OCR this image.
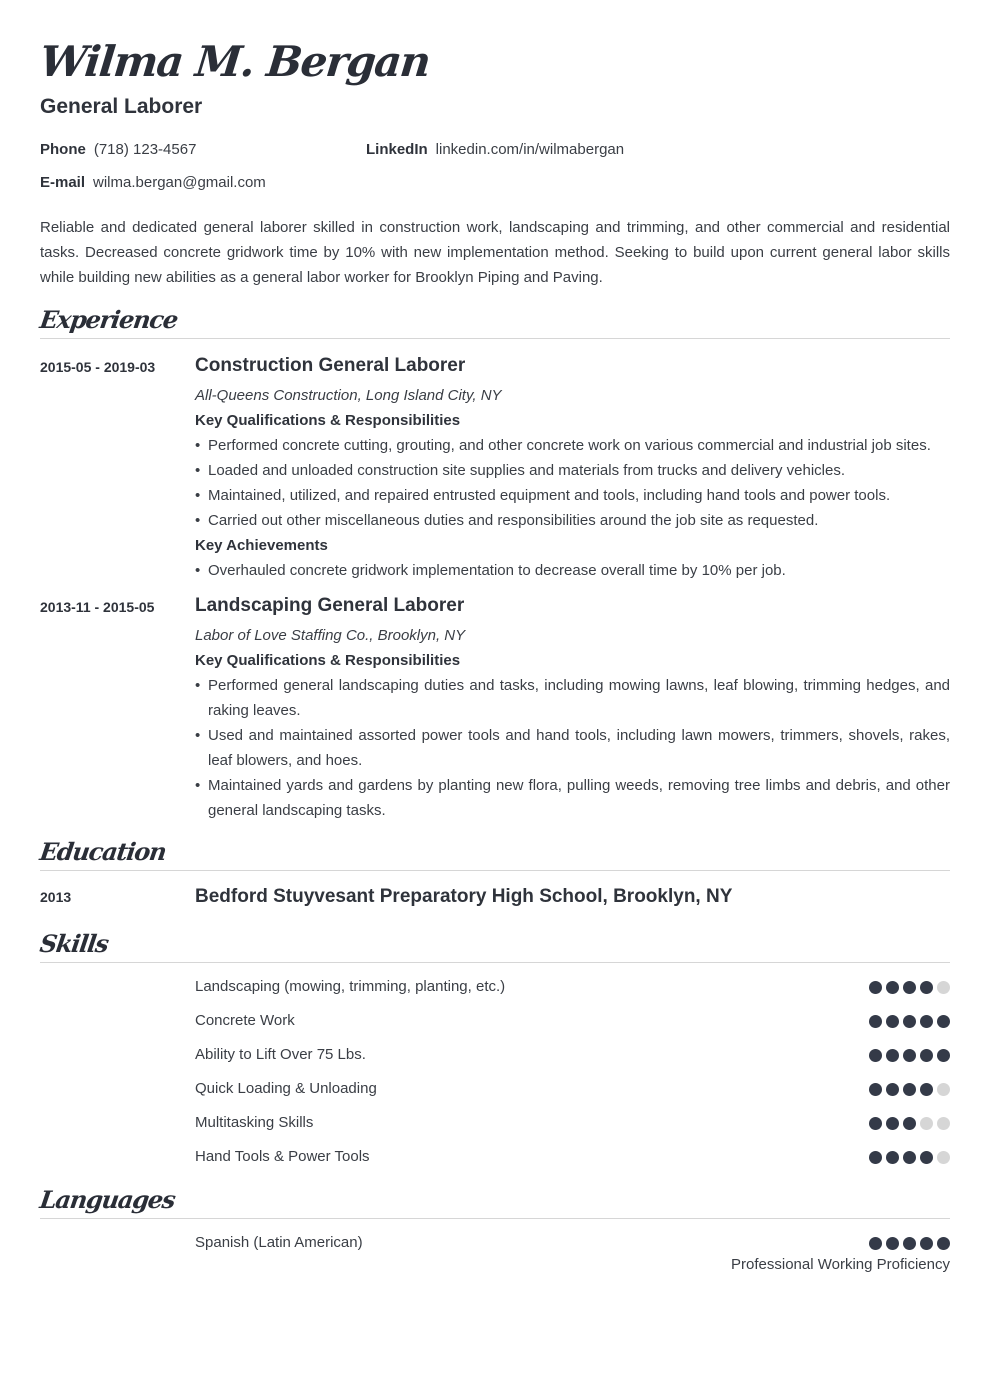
Wilma M. Bergan
General Laborer
Phone (718) 123-4567	LinkedIn linkedin.com/in/wilmabergan
E-mail wilma.bergan@gmail.com

Reliable and dedicated general laborer skilled in construction work, landscaping and trimming, and other commercial and residential tasks. Decreased concrete gridwork time by 10% with new implementation method. Seeking to build upon current general labor skills while building new abilities as a general labor worker for Brooklyn Piping and Paving.

Experience
2015-05 - 2019-03 Construction General Laborer
All-Queens Construction, Long Island City, NY
Key Qualifications & Responsibilities
• Performed concrete cutting, grouting, and other concrete work on various commercial and industrial job sites.
• Loaded and unloaded construction site supplies and materials from trucks and delivery vehicles.
• Maintained, utilized, and repaired entrusted equipment and tools, including hand tools and power tools.
• Carried out other miscellaneous duties and responsibilities around the job site as requested.
Key Achievements
• Overhauled concrete gridwork implementation to decrease overall time by 10% per job.
2013-11 - 2015-05 Landscaping General Laborer
Labor of Love Staffing Co., Brooklyn, NY
Key Qualifications & Responsibilities
• Performed general landscaping duties and tasks, including mowing lawns, leaf blowing, trimming hedges, and raking leaves.
• Used and maintained assorted power tools and hand tools, including lawn mowers, trimmers, shovels, rakes, leaf blowers, and hoes.
• Maintained yards and gardens by planting new flora, pulling weeds, removing tree limbs and debris, and other general landscaping tasks.
Education
2013	Bedford Stuyvesant Preparatory High School, Brooklyn, NY
Skills
Landscaping (mowing, trimming, planting, etc.)
Concrete Work
Ability to Lift Over 75 Lbs.
Quick Loading & Unloading
Multitasking Skills
Hand Tools & Power Tools
Languages
Spanish (Latin American)
Professional Working Proficiency
